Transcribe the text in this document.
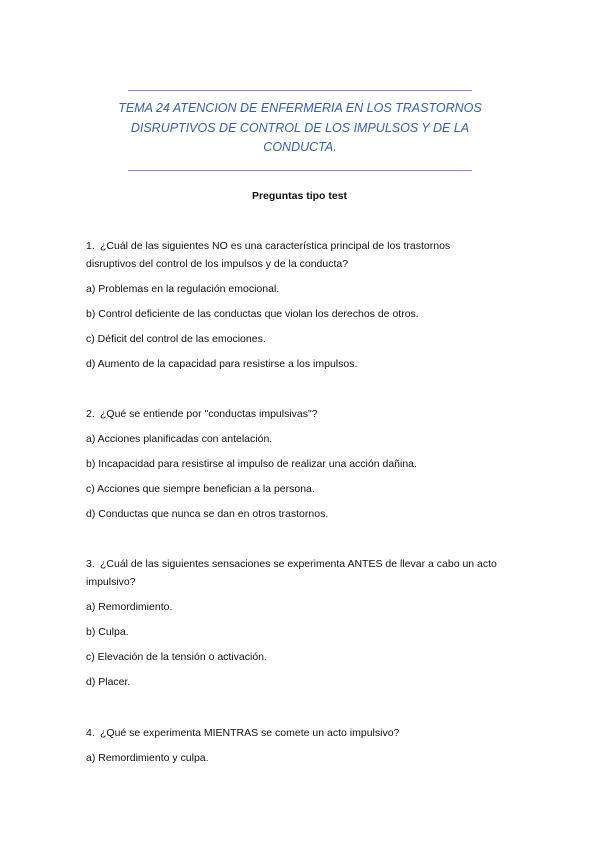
TEMA 24 ATENCION DE ENFERMERIA EN LOS TRASTORNOS
DISRUPTIVOS DE CONTROL DE LOS IMPULSOS Y DE LA
CONDUCTA.
Preguntas tipo test
1. ¿Cuál de las siguientes NO es una característica principal de los trastornos
disruptivos del control de los impulsos y de la conducta?
a) Problemas en la regulación emocional.
b) Control deficiente de las conductas que violan los derechos de otros.
c) Déficit del control de las emociones.
d) Aumento de la capacidad para resistirse a los impulsos.
2. ¿Qué se entiende por "conductas impulsivas"?
a) Acciones planificadas con antelación.
b) Incapacidad para resistirse al impulso de realizar una acción dañina.
c) Acciones que siempre benefician a la persona.
d) Conductas que nunca se dan en otros trastornos.
3. ¿Cuál de las siguientes sensaciones se experimenta ANTES de llevar a cabo un acto
impulsivo?
a) Remordimiento.
b) Culpa.
c) Elevación de la tensión o activación.
d) Placer.
4. ¿Qué se experimenta MIENTRAS se comete un acto impulsivo?
a) Remordimiento y culpa.
